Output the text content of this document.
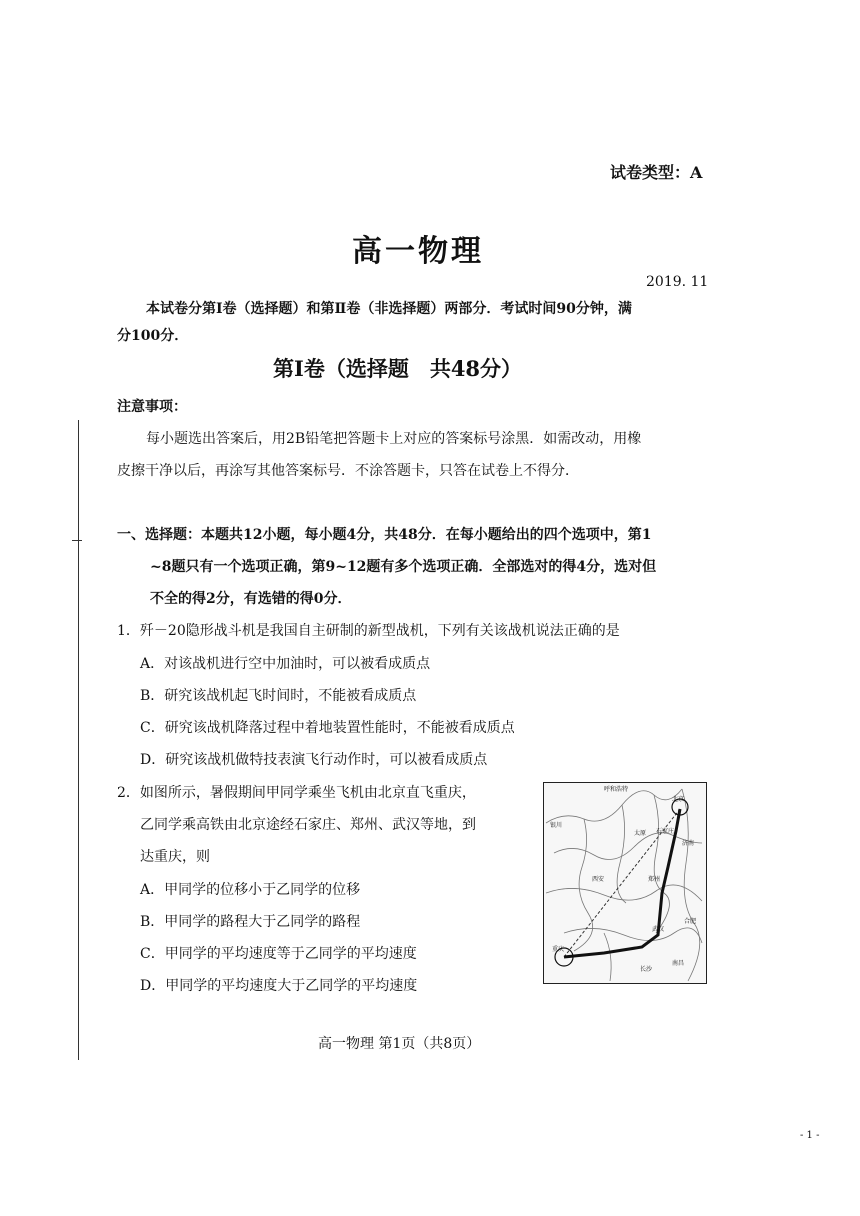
试卷类型：A
高一物理
2019. 11
本试卷分第Ⅰ卷（选择题）和第Ⅱ卷（非选择题）两部分．考试时间90分钟，满
分100分．
第Ⅰ卷（选择题　共48分）
注意事项：
每小题选出答案后，用2B铅笔把答题卡上对应的答案标号涂黑．如需改动，用橡
皮擦干净以后，再涂写其他答案标号．不涂答题卡，只答在试卷上不得分．
一、选择题：本题共12小题，每小题4分，共48分．在每小题给出的四个选项中，第1
~8题只有一个选项正确，第9~12题有多个选项正确．全部选对的得4分，选对但
不全的得2分，有选错的得0分．
1．歼－20隐形战斗机是我国自主研制的新型战机，下列有关该战机说法正确的是
A．对该战机进行空中加油时，可以被看成质点
B．研究该战机起飞时间时，不能被看成质点
C．研究该战机降落过程中着地装置性能时，不能被看成质点
D．研究该战机做特技表演飞行动作时，可以被看成质点
2．如图所示，暑假期间甲同学乘坐飞机由北京直飞重庆，
乙同学乘高铁由北京途经石家庄、郑州、武汉等地，到
达重庆，则
A．甲同学的位移小于乙同学的位移
B．甲同学的路程大于乙同学的路程
C．甲同学的平均速度等于乙同学的平均速度
D．甲同学的平均速度大于乙同学的平均速度
呼和浩特
北京
银川
太原 石家庄
济南
郑州
西安
合肥
武汉
重庆
长沙
南昌
高一物理 第1页（共8页）
- 1 -
